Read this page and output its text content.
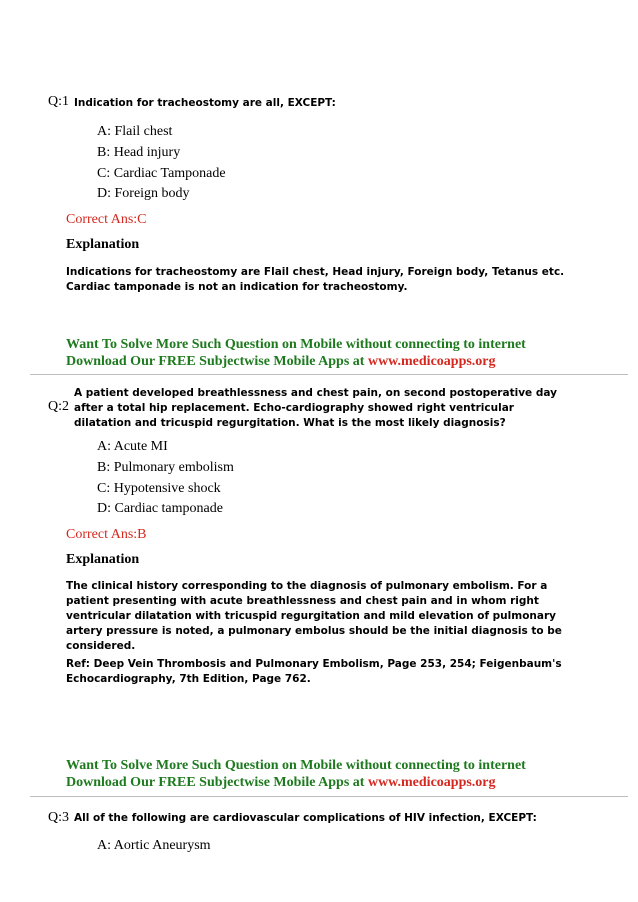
Q:1 Indication for tracheostomy are all, EXCEPT:
A: Flail chest
B: Head injury
C: Cardiac Tamponade
D: Foreign body
Correct Ans:C
Explanation
Indications for tracheostomy are Flail chest, Head injury, Foreign body, Tetanus etc.
Cardiac tamponade is not an indication for tracheostomy.
Want To Solve More Such Question on Mobile without connecting to internet
Download Our FREE Subjectwise Mobile Apps at www.medicoapps.org
Q:2
A patient developed breathlessness and chest pain, on second postoperative day
after a total hip replacement. Echo-cardiography showed right ventricular
dilatation and tricuspid regurgitation. What is the most likely diagnosis?
A: Acute MI
B: Pulmonary embolism
C: Hypotensive shock
D: Cardiac tamponade
Correct Ans:B
Explanation
The clinical history corresponding to the diagnosis of pulmonary embolism. For a
patient presenting with acute breathlessness and chest pain and in whom right
ventricular dilatation with tricuspid regurgitation and mild elevation of pulmonary
artery pressure is noted, a pulmonary embolus should be the initial diagnosis to be
considered.
Ref: Deep Vein Thrombosis and Pulmonary Embolism, Page 253, 254; Feigenbaum's
Echocardiography, 7th Edition, Page 762.
Want To Solve More Such Question on Mobile without connecting to internet
Download Our FREE Subjectwise Mobile Apps at www.medicoapps.org
Q:3 All of the following are cardiovascular complications of HIV infection, EXCEPT:
A: Aortic Aneurysm
